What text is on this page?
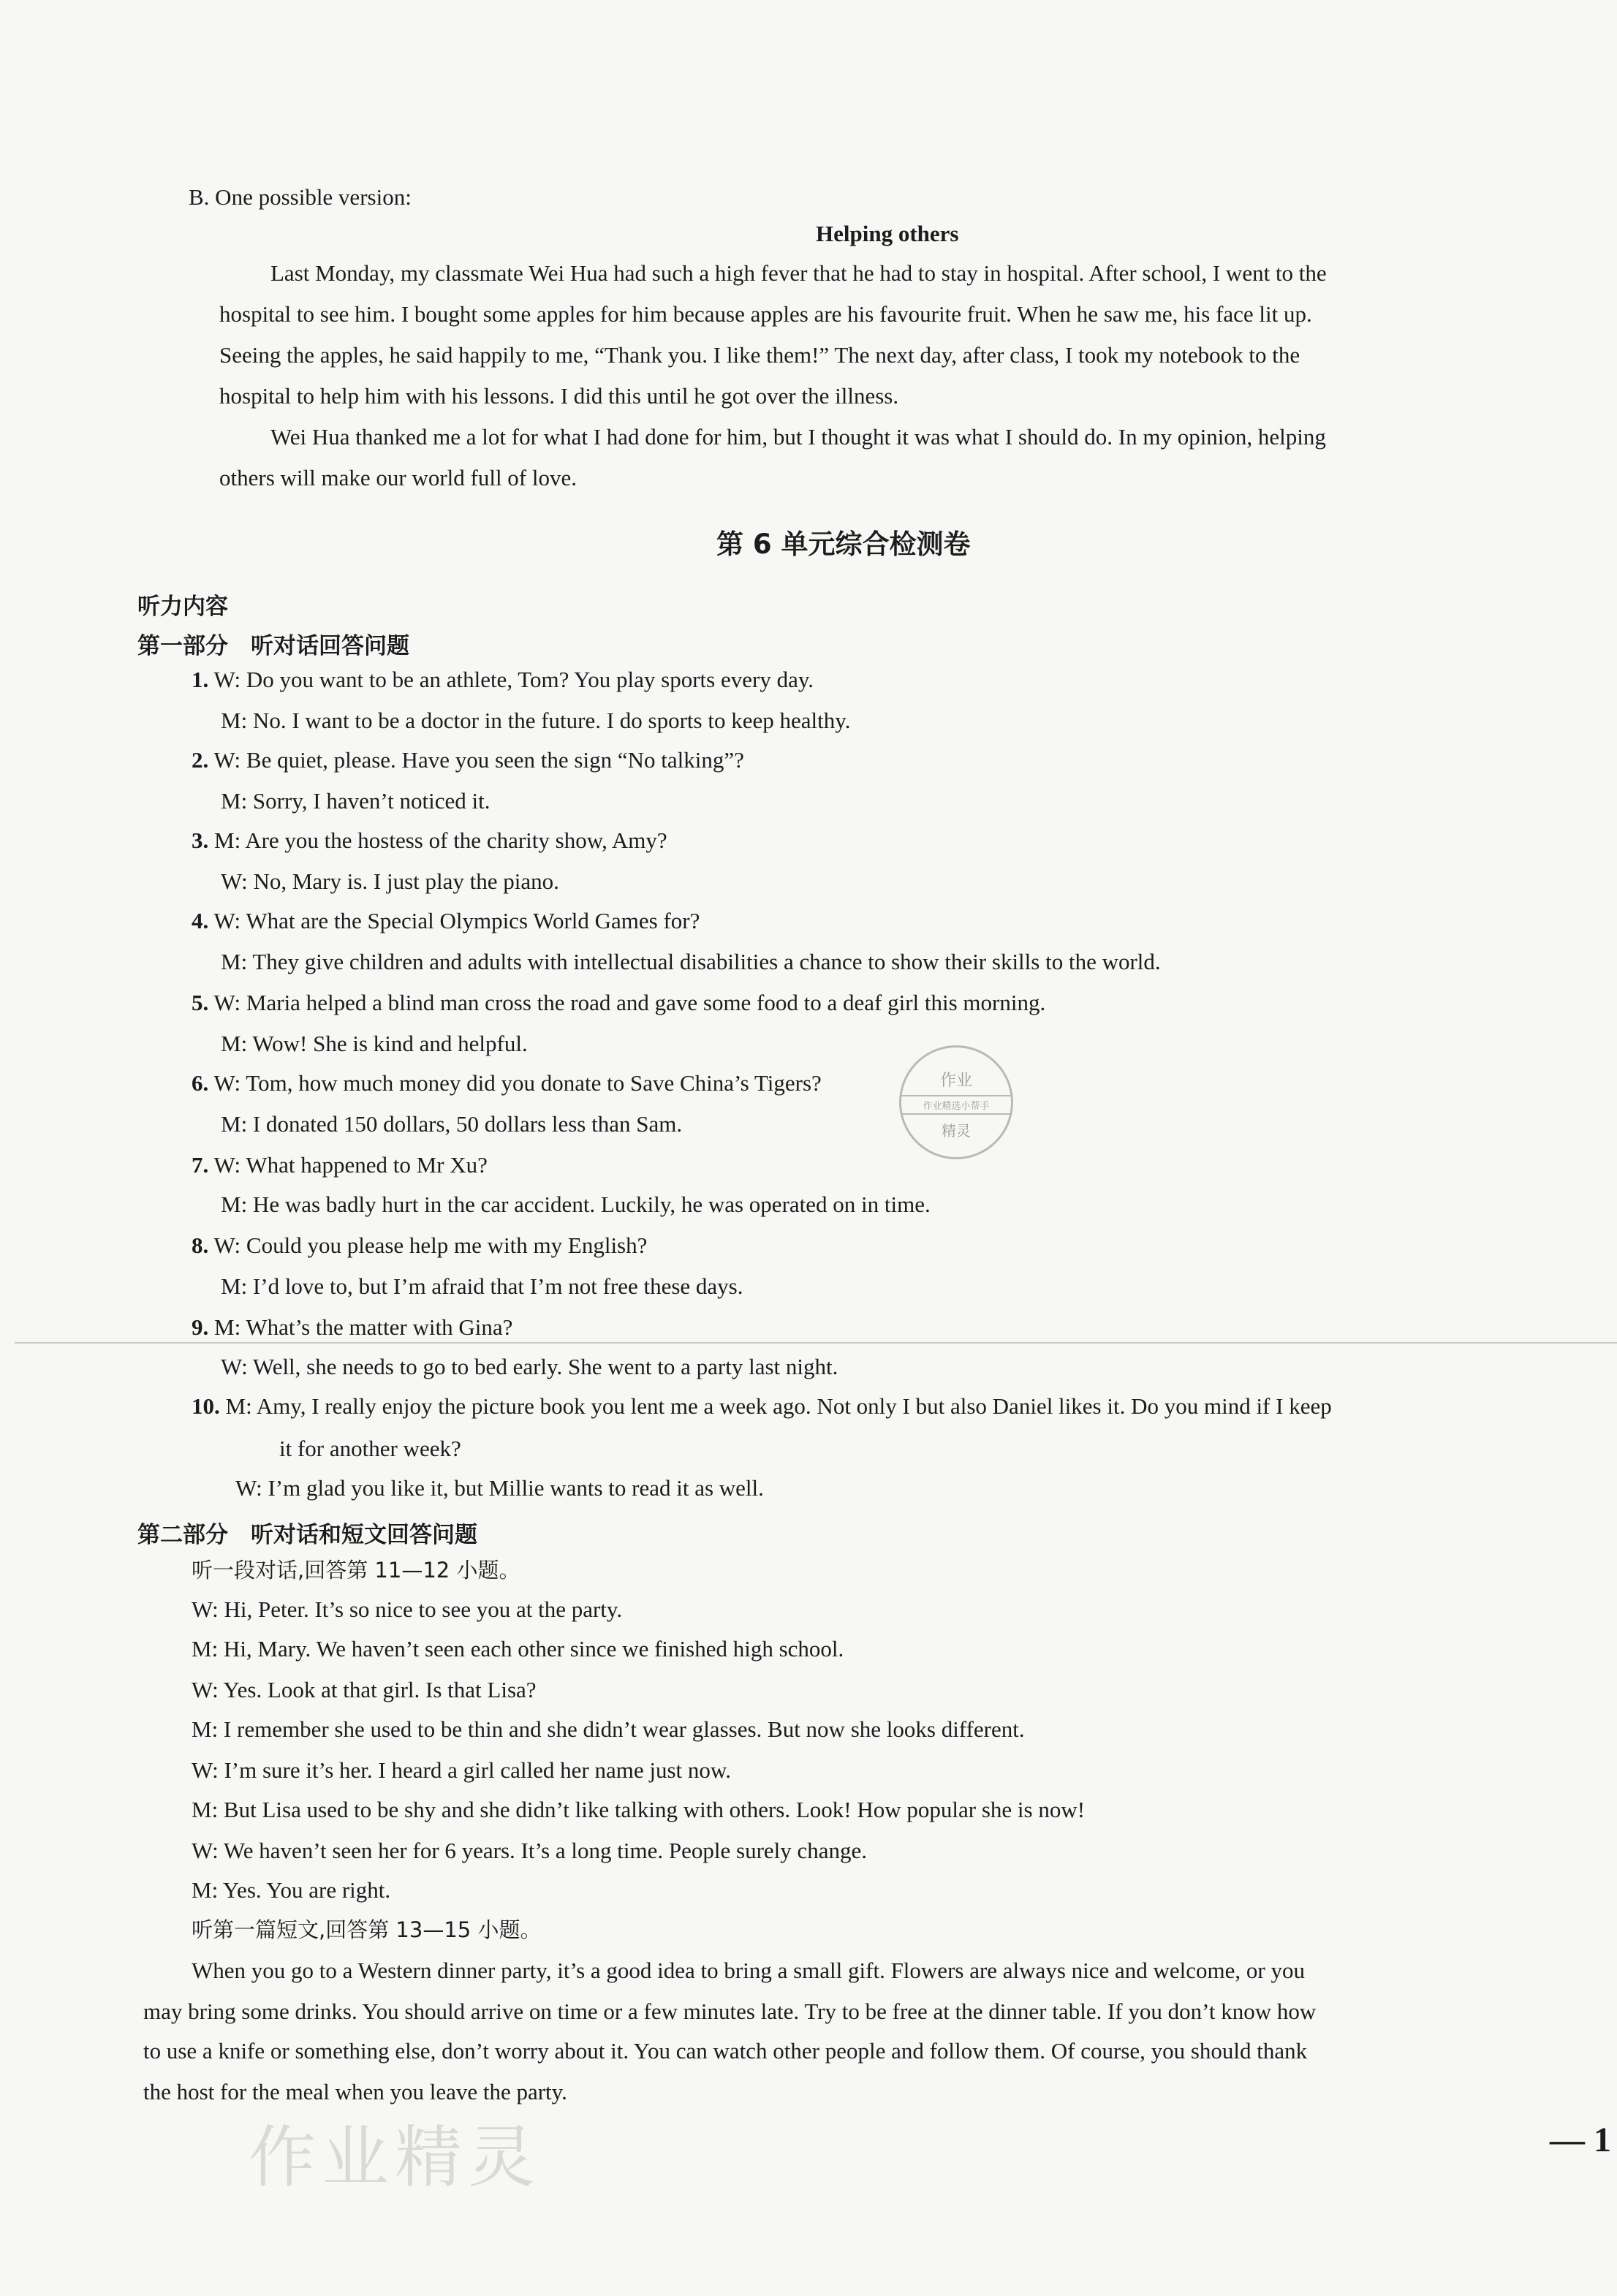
B. One possible version:
Helping others
Last Monday, my classmate Wei Hua had such a high fever that he had to stay in hospital. After school, I went to the
hospital to see him. I bought some apples for him because apples are his favourite fruit. When he saw me, his face lit up.
Seeing the apples, he said happily to me, “Thank you. I like them!” The next day, after class, I took my notebook to the
hospital to help him with his lessons. I did this until he got over the illness.
Wei Hua thanked me a lot for what I had done for him, but I thought it was what I should do. In my opinion, helping
others will make our world full of love.
第 6 单元综合检测卷
听力内容
第一部分　听对话回答问题
1. W: Do you want to be an athlete, Tom? You play sports every day.
M: No. I want to be a doctor in the future. I do sports to keep healthy.
2. W: Be quiet, please. Have you seen the sign “No talking”?
M: Sorry, I haven’t noticed it.
3. M: Are you the hostess of the charity show, Amy?
W: No, Mary is. I just play the piano.
4. W: What are the Special Olympics World Games for?
M: They give children and adults with intellectual disabilities a chance to show their skills to the world.
5. W: Maria helped a blind man cross the road and gave some food to a deaf girl this morning.
M: Wow! She is kind and helpful.
6. W: Tom, how much money did you donate to Save China’s Tigers?
M: I donated 150 dollars, 50 dollars less than Sam.
7. W: What happened to Mr Xu?
M: He was badly hurt in the car accident. Luckily, he was operated on in time.
8. W: Could you please help me with my English?
M: I’d love to, but I’m afraid that I’m not free these days.
9. M: What’s the matter with Gina?
W: Well, she needs to go to bed early. She went to a party last night.
10. M: Amy, I really enjoy the picture book you lent me a week ago. Not only I but also Daniel likes it. Do you mind if I keep
it for another week?
W: I’m glad you like it, but Millie wants to read it as well.
第二部分　听对话和短文回答问题
听一段对话,回答第 11—12 小题。
W: Hi, Peter. It’s so nice to see you at the party.
M: Hi, Mary. We haven’t seen each other since we finished high school.
W: Yes. Look at that girl. Is that Lisa?
M: I remember she used to be thin and she didn’t wear glasses. But now she looks different.
W: I’m sure it’s her. I heard a girl called her name just now.
M: But Lisa used to be shy and she didn’t like talking with others. Look! How popular she is now!
W: We haven’t seen her for 6 years. It’s a long time. People surely change.
M: Yes. You are right.
听第一篇短文,回答第 13—15 小题。
When you go to a Western dinner party, it’s a good idea to bring a small gift. Flowers are always nice and welcome, or you
may bring some drinks. You should arrive on time or a few minutes late. Try to be free at the dinner table. If you don’t know how
to use a knife or something else, don’t worry about it. You can watch other people and follow them. Of course, you should thank
the host for the meal when you leave the party.
作业
作业精选小帮手
精灵
作业精灵	— 1
